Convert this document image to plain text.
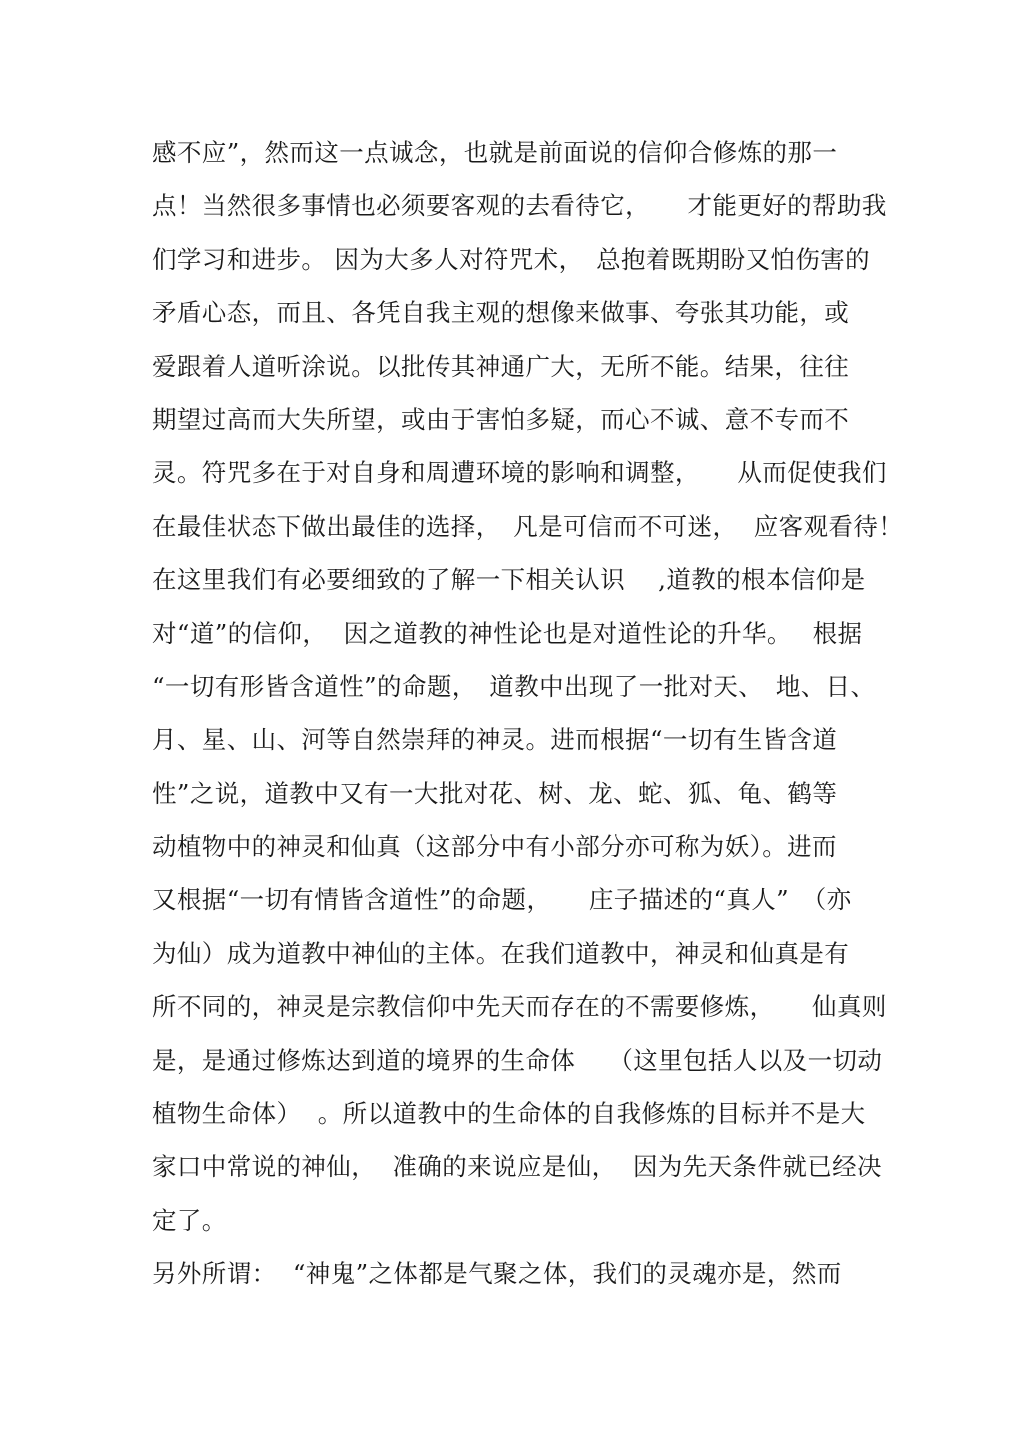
感不应”，然而这一点诚念，也就是前面说的信仰合修炼的那一
点！当然很多事情也必须要客观的去看待它，　　才能更好的帮助我
们学习和进步。 因为大多人对符咒术，　总抱着既期盼又怕伤害的
矛盾心态，而且、各凭自我主观的想像来做事、夸张其功能，或
爱跟着人道听涂说。以批传其神通广大，无所不能。结果，往往
期望过高而大失所望，或由于害怕多疑，而心不诚、意不专而不
灵。符咒多在于对自身和周遭环境的影响和调整，　　从而促使我们
在最佳状态下做出最佳的选择，　凡是可信而不可迷，  应客观看待！
在这里我们有必要细致的了解一下相关认识　 ,道教的根本信仰是
对“道”的信仰，  因之道教的神性论也是对道性论的升华。　 根据
“一切有形皆含道性”的命题，　道教中出现了一批对天、　地、日、
月、星、山、河等自然崇拜的神灵。进而根据“一切有生皆含道
性”之说，道教中又有一大批对花、树、龙、蛇、狐、龟、鹤等
动植物中的神灵和仙真（这部分中有小部分亦可称为妖）。进而
又根据“一切有情皆含道性”的命题，　　庄子描述的“真人”　（亦
为仙）成为道教中神仙的主体。在我们道教中，神灵和仙真是有
所不同的，神灵是宗教信仰中先天而存在的不需要修炼，　　仙真则
是，是通过修炼达到道的境界的生命体　 （这里包括人以及一切动
植物生命体）  。所以道教中的生命体的自我修炼的目标并不是大
家口中常说的神仙，  准确的来说应是仙，  因为先天条件就已经决
定了。
另外所谓：  “神鬼”之体都是气聚之体，我们的灵魂亦是，然而
